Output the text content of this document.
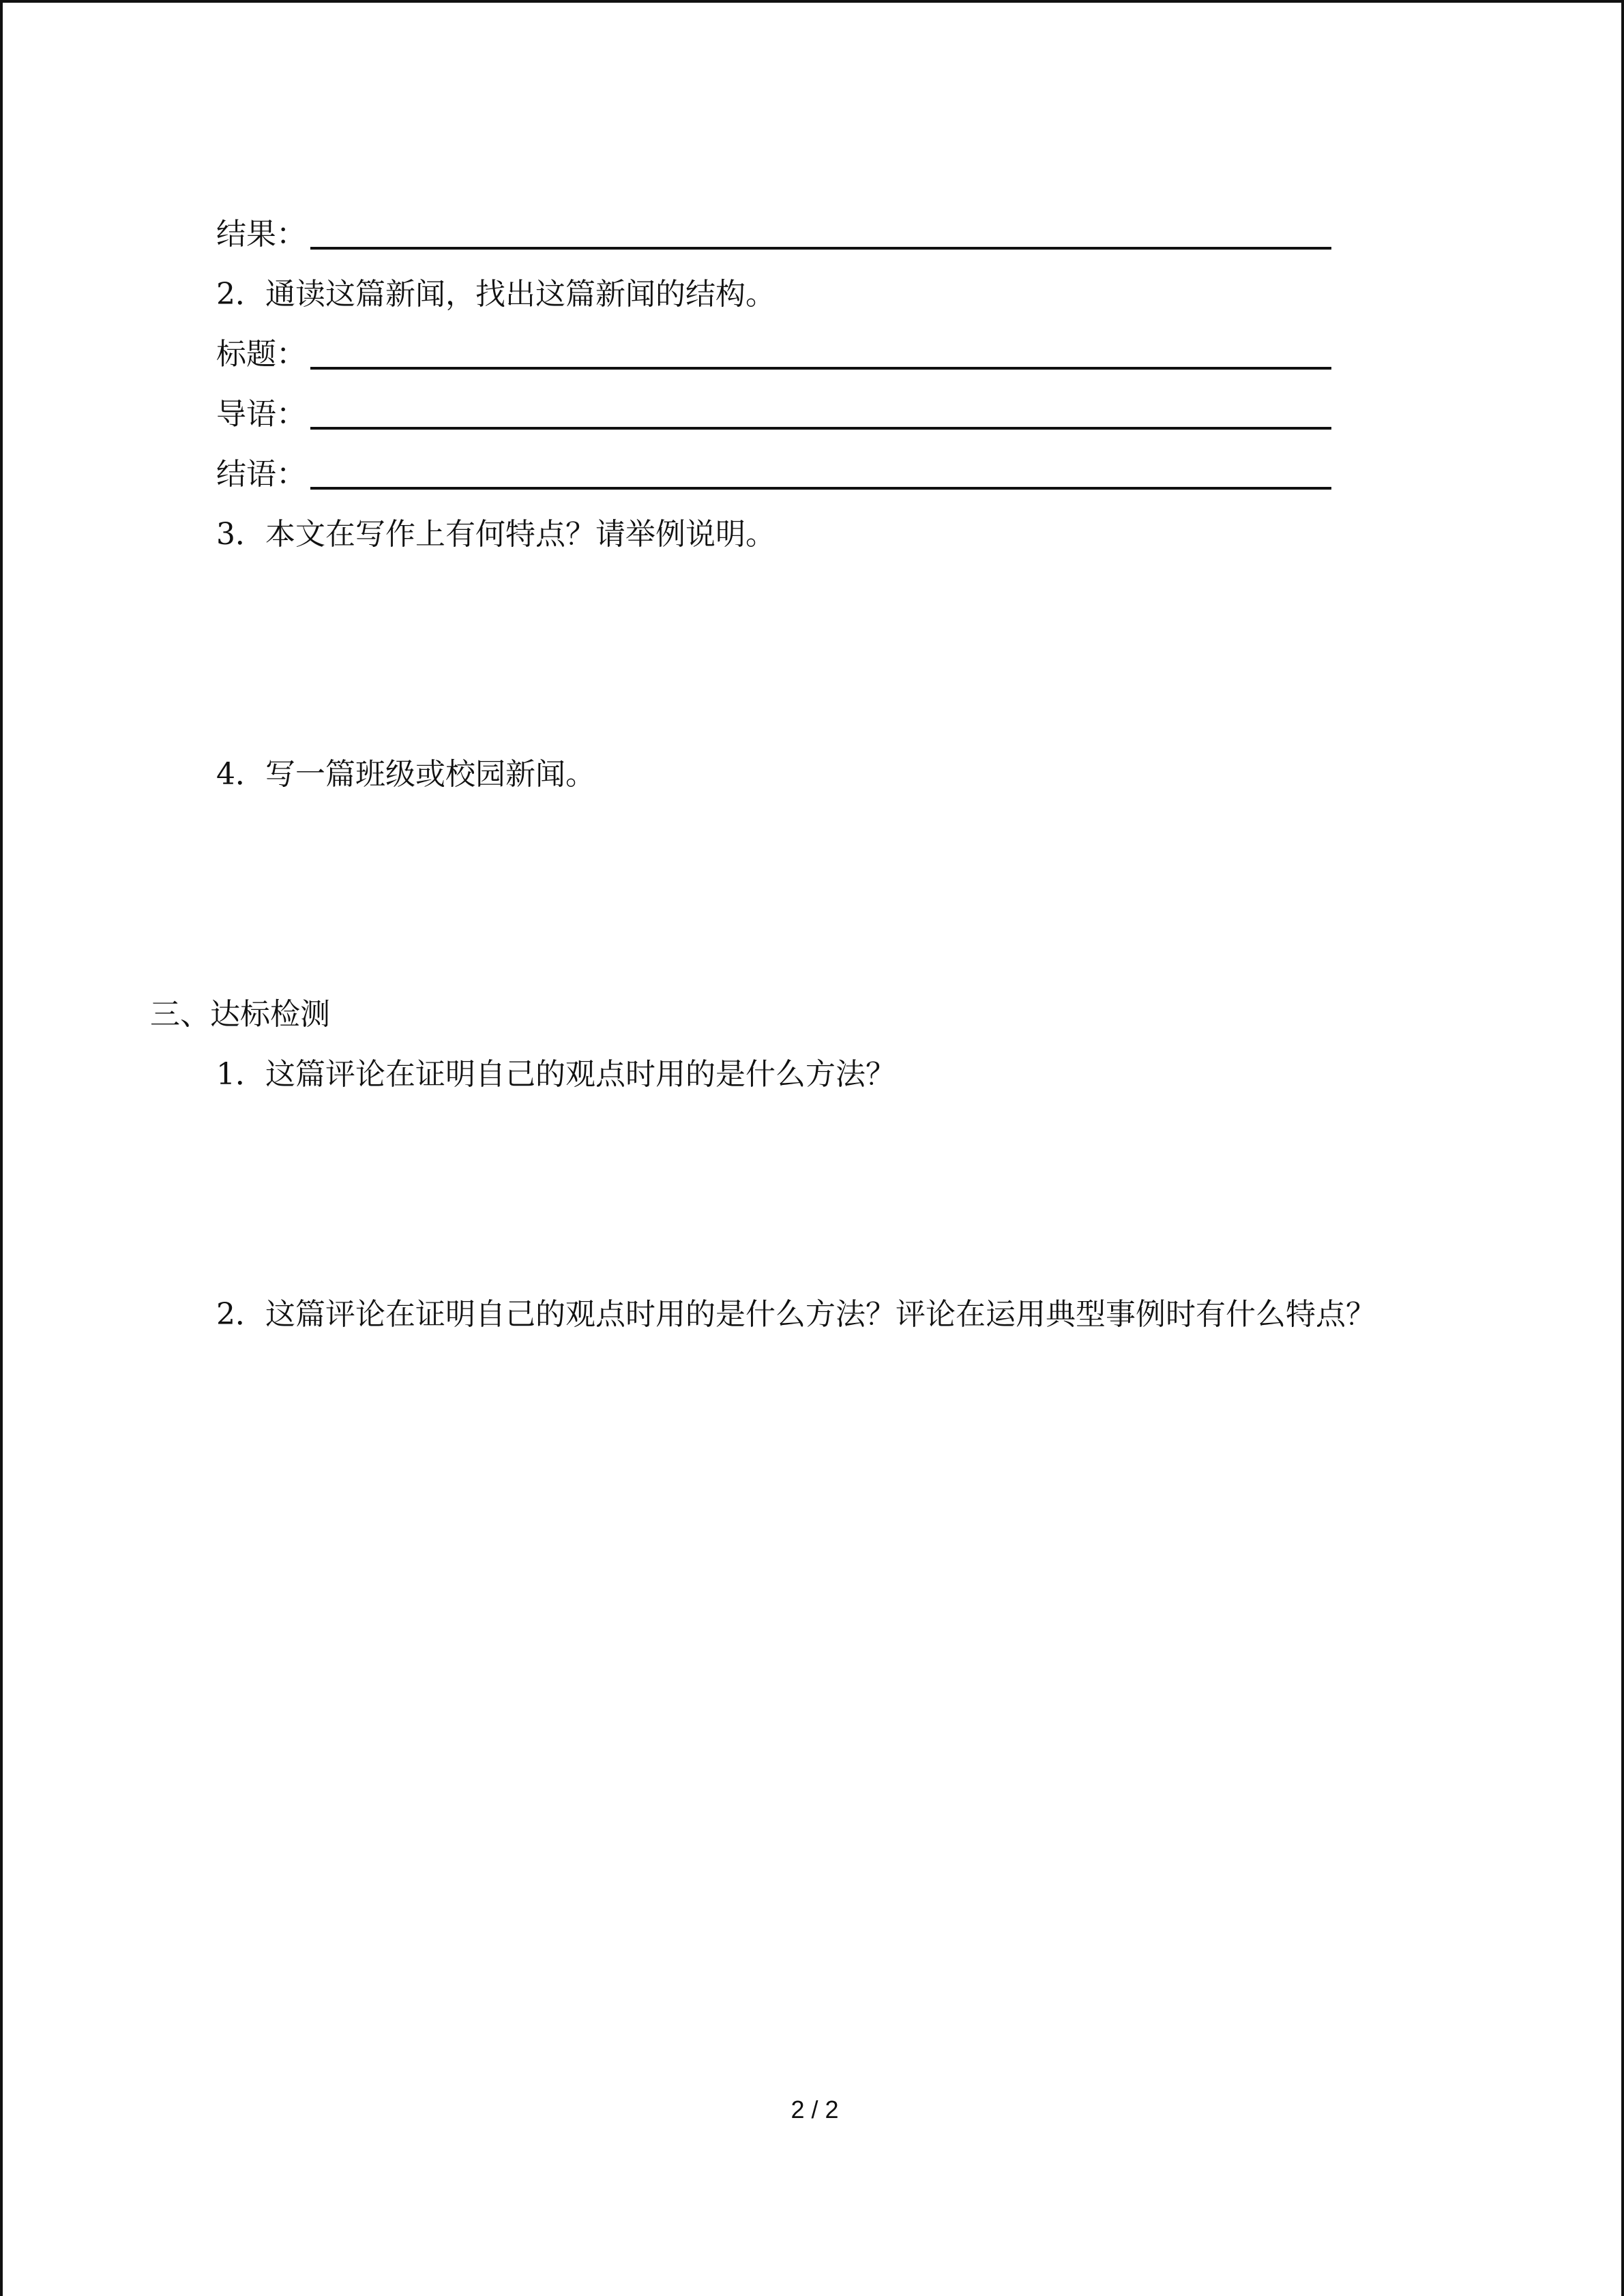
结果：
2．通读这篇新闻，找出这篇新闻的结构。
标题：
导语：
结语：
3．本文在写作上有何特点？请举例说明。
4．写一篇班级或校园新闻。
三、达标检测
1．这篇评论在证明自己的观点时用的是什么方法？
2．这篇评论在证明自己的观点时用的是什么方法？评论在运用典型事例时有什么特点？
2 / 2
